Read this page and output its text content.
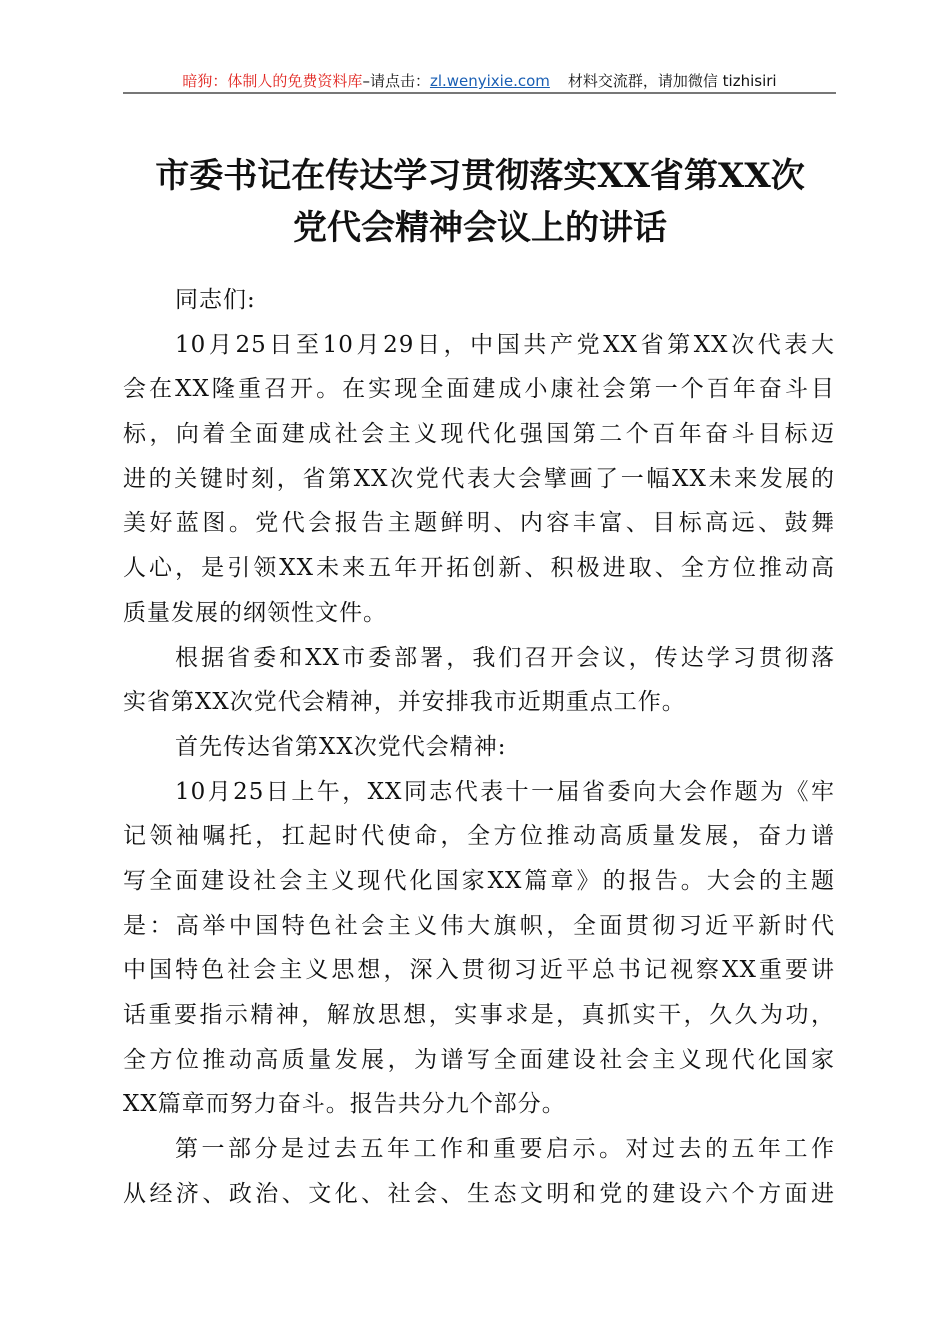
暗狗：体制人的免费资料库–请点击：zl.wenyixie.com 材料交流群，请加微信 tizhisiri
市委书记在传达学习贯彻落实XX省第XX次
党代会精神会议上的讲话
同志们:
10月25日至10月29日，中国共产党XX省第XX次代表大
会在XX隆重召开。在实现全面建成小康社会第一个百年奋斗目
标，向着全面建成社会主义现代化强国第二个百年奋斗目标迈
进的关键时刻，省第XX次党代表大会擘画了一幅XX未来发展的
美好蓝图。党代会报告主题鲜明、内容丰富、目标高远、鼓舞
人心，是引领XX未来五年开拓创新、积极进取、全方位推动高
质量发展的纲领性文件。
根据省委和XX市委部署，我们召开会议，传达学习贯彻落
实省第XX次党代会精神，并安排我市近期重点工作。
首先传达省第XX次党代会精神:
10月25日上午，XX同志代表十一届省委向大会作题为《牢
记领袖嘱托，扛起时代使命，全方位推动高质量发展，奋力谱
写全面建设社会主义现代化国家XX篇章》的报告。大会的主题
是：高举中国特色社会主义伟大旗帜，全面贯彻习近平新时代
中国特色社会主义思想，深入贯彻习近平总书记视察XX重要讲
话重要指示精神，解放思想，实事求是，真抓实干，久久为功，
全方位推动高质量发展，为谱写全面建设社会主义现代化国家
XX篇章而努力奋斗。报告共分九个部分。
第一部分是过去五年工作和重要启示。对过去的五年工作
从经济、政治、文化、社会、生态文明和党的建设六个方面进
